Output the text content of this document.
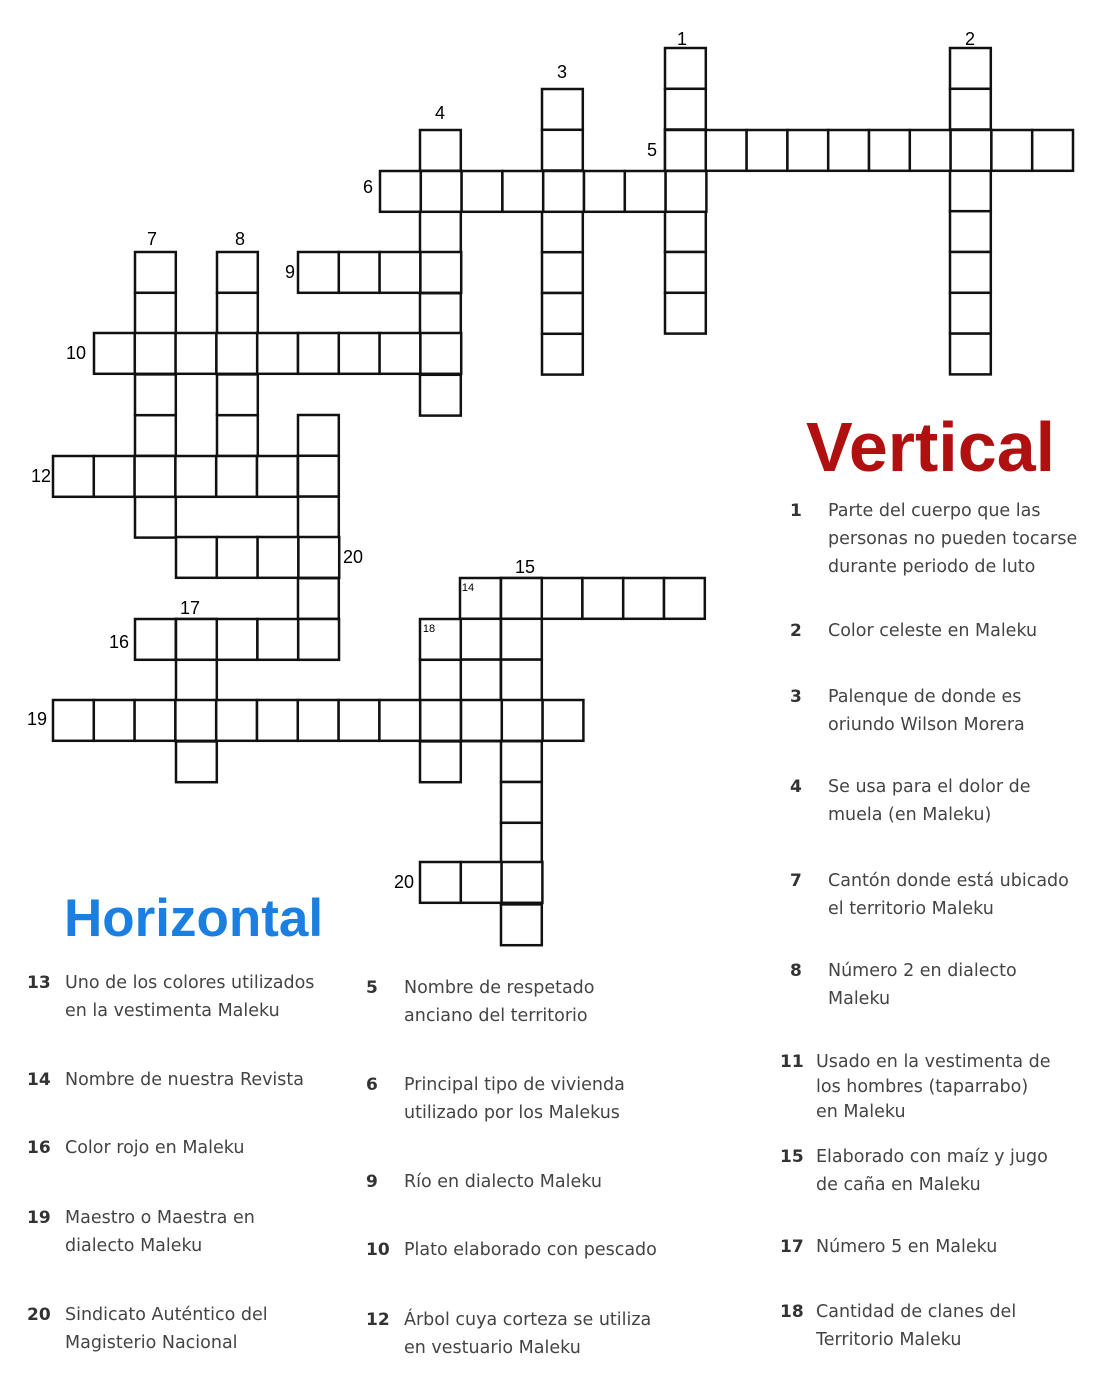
1	2
3
4
5
6
7	8
9
10
12
20	15
14
17
18
16
19
20
Vertical
Horizontal
1	Parte del cuerpo que las
personas no pueden tocarse
durante periodo de luto
2	Color celeste en Maleku
3	Palenque de donde es
oriundo Wilson Morera
4	Se usa para el dolor de
muela (en Maleku)
7	Cantón donde está ubicado
el territorio Maleku
8	Número 2 en dialecto
Maleku
11 Usado en la vestimenta de
los hombres (taparrabo)
en Maleku
15 Elaborado con maíz y jugo
de caña en Maleku
17 Número 5 en Maleku
18 Cantidad de clanes del
Territorio Maleku
13 Uno de los colores utilizados
en la vestimenta Maleku
14 Nombre de nuestra Revista
16 Color rojo en Maleku
19 Maestro o Maestra en
dialecto Maleku
20 Sindicato Auténtico del
Magisterio Nacional
5	Nombre de respetado
anciano del territorio
6	Principal tipo de vivienda
utilizado por los Malekus
9	Río en dialecto Maleku
10 Plato elaborado con pescado
12 Árbol cuya corteza se utiliza
en vestuario Maleku
